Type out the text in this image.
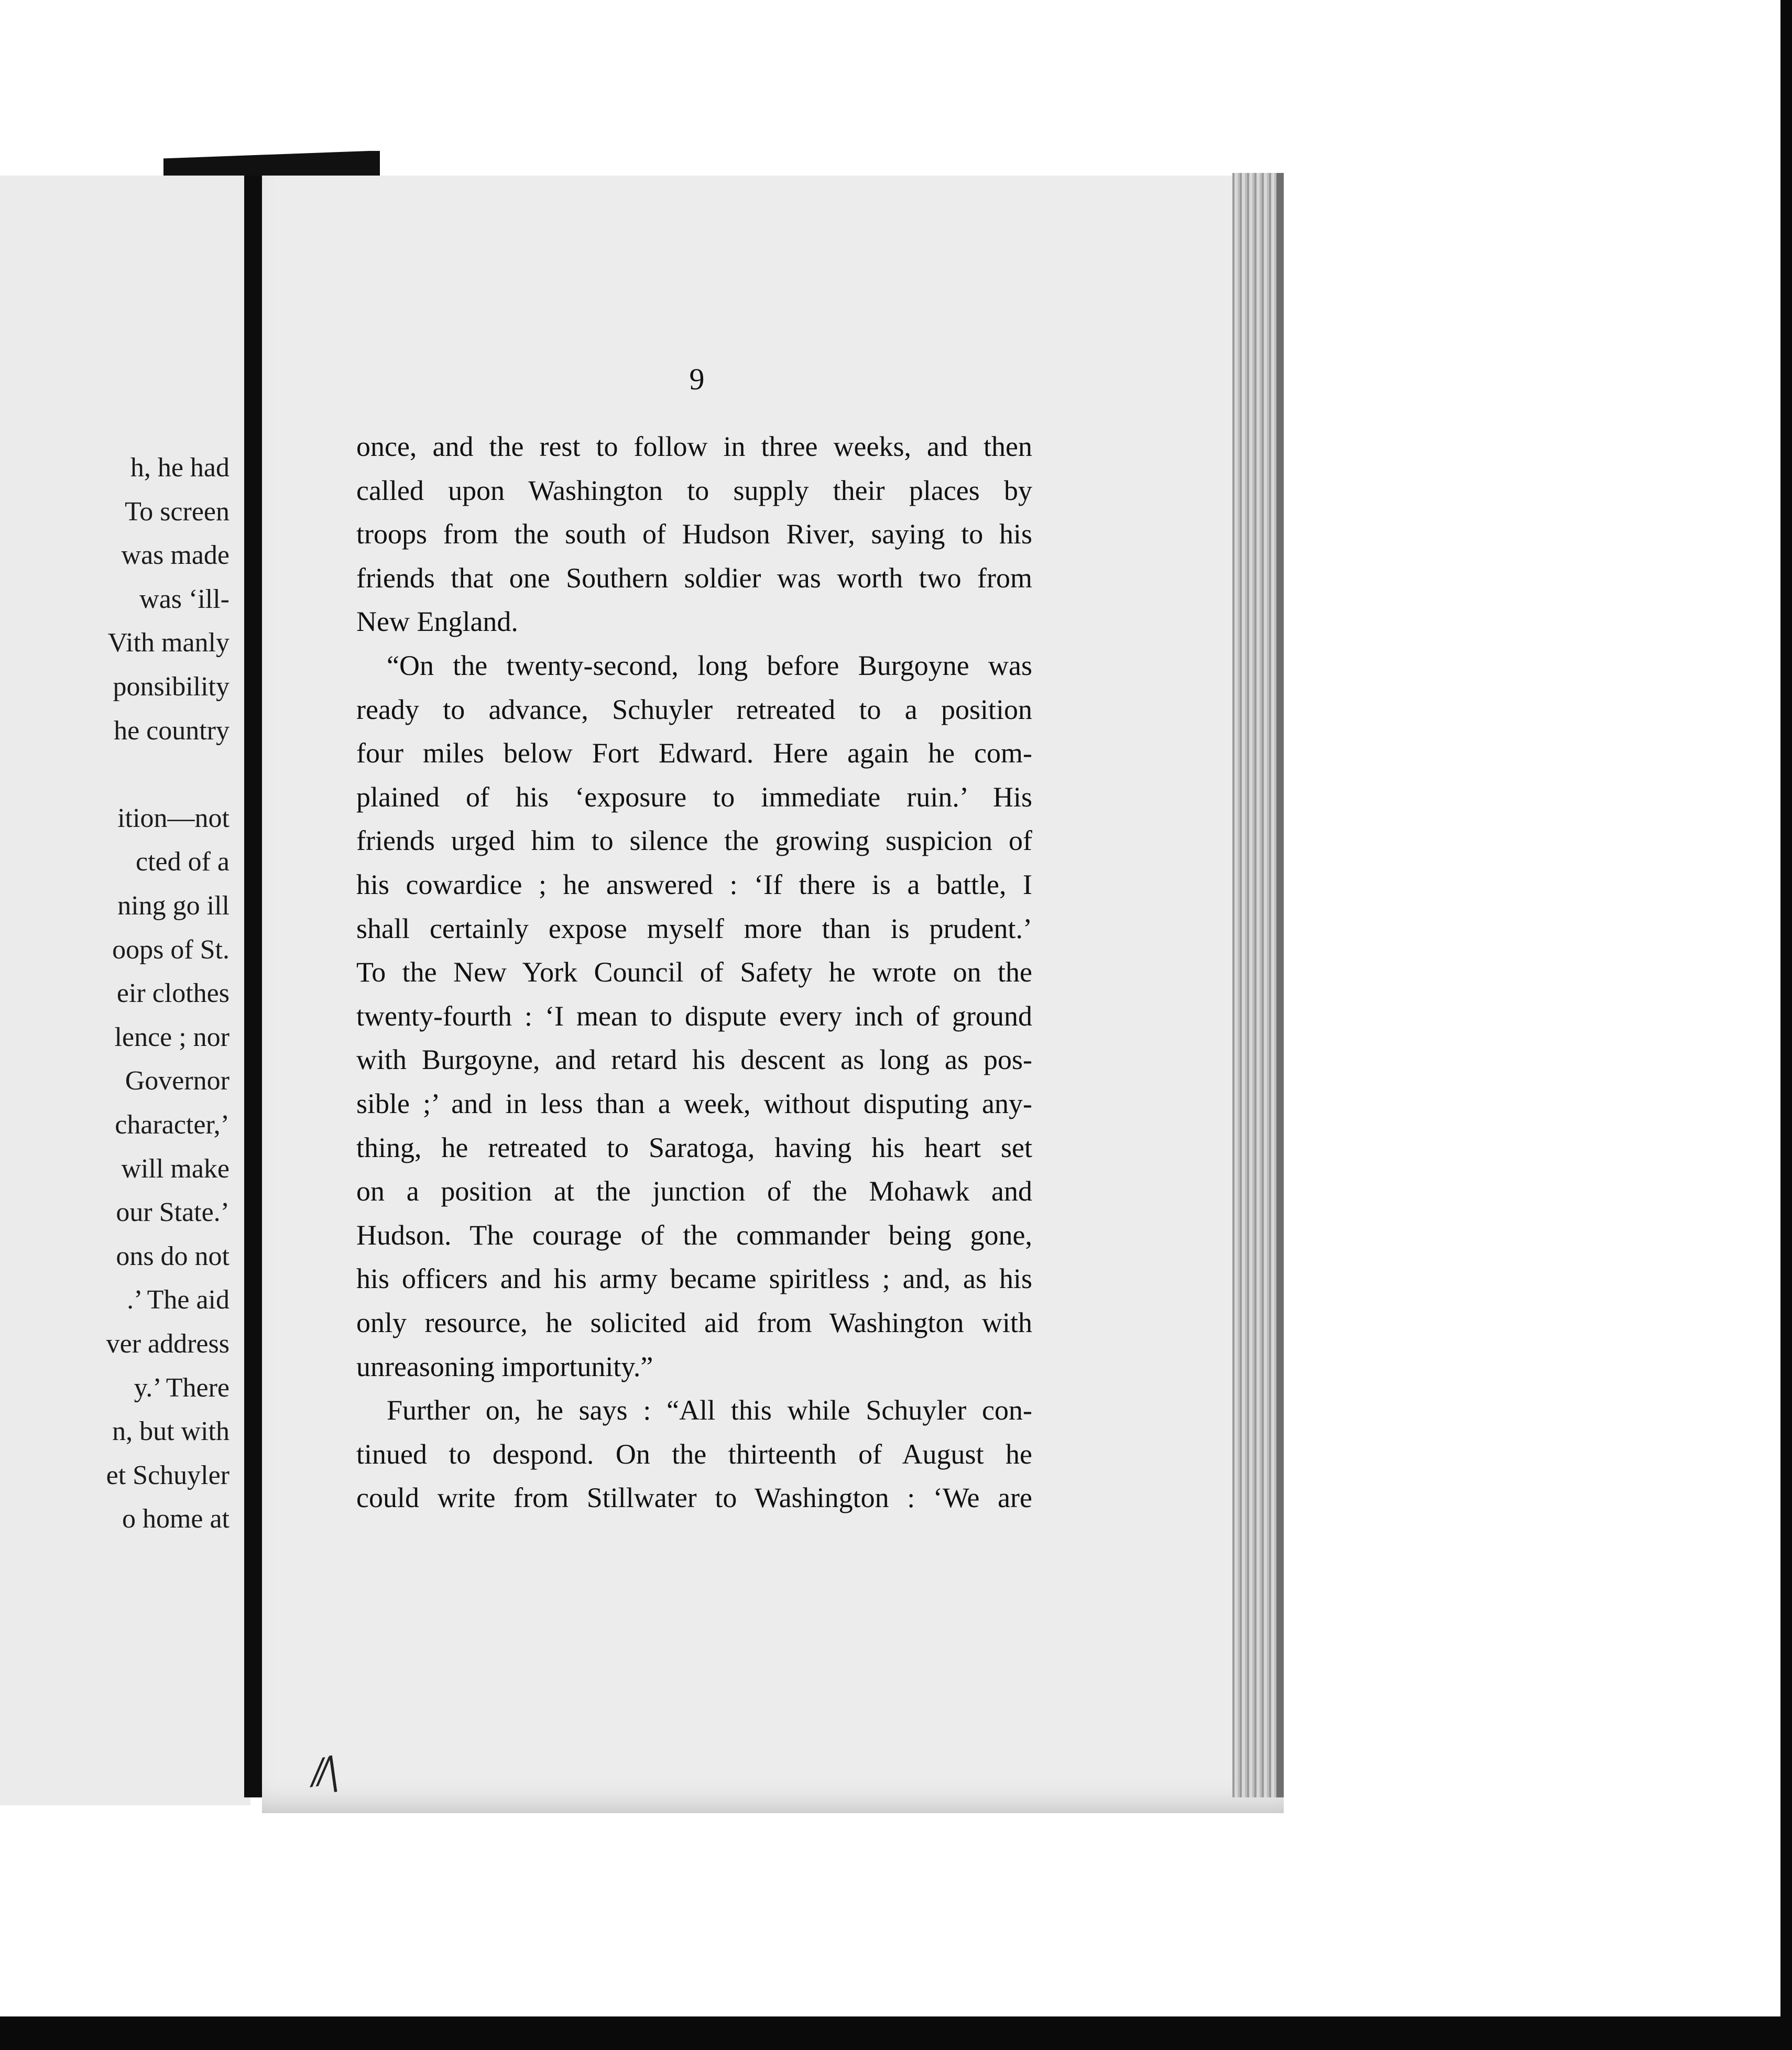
h, he had
To screen
was made
was ‘ill-
Vith manly
ponsibility
he country
ition—not
cted of a
ning go ill
oops of St.
eir clothes
lence ; nor
Governor
character,’
will make
our State.’
ons do not
.’ The aid
ver address
y.’ There
n, but with
et Schuyler
o home at
9
once, and the rest to follow in three weeks, and then
called upon Washington to supply their places by
troops from the south of Hudson River, saying to his
friends that one Southern soldier was worth two from
New England.
“On the twenty-second, long before Burgoyne was
ready to advance, Schuyler retreated to a position
four miles below Fort Edward. Here again he com-
plained of his ‘exposure to immediate ruin.’ His
friends urged him to silence the growing suspicion of
his cowardice ; he answered : ‘If there is a battle, I
shall certainly expose myself more than is prudent.’
To the New York Council of Safety he wrote on the
twenty-fourth : ‘I mean to dispute every inch of ground
with Burgoyne, and retard his descent as long as pos-
sible ;’ and in less than a week, without disputing any-
thing, he retreated to Saratoga, having his heart set
on a position at the junction of the Mohawk and
Hudson. The courage of the commander being gone,
his officers and his army became spiritless ; and, as his
only resource, he solicited aid from Washington with
unreasoning importunity.”
Further on, he says : “All this while Schuyler con-
tinued to despond. On the thirteenth of August he
could write from Stillwater to Washington : ‘We are
⁄⁄|
